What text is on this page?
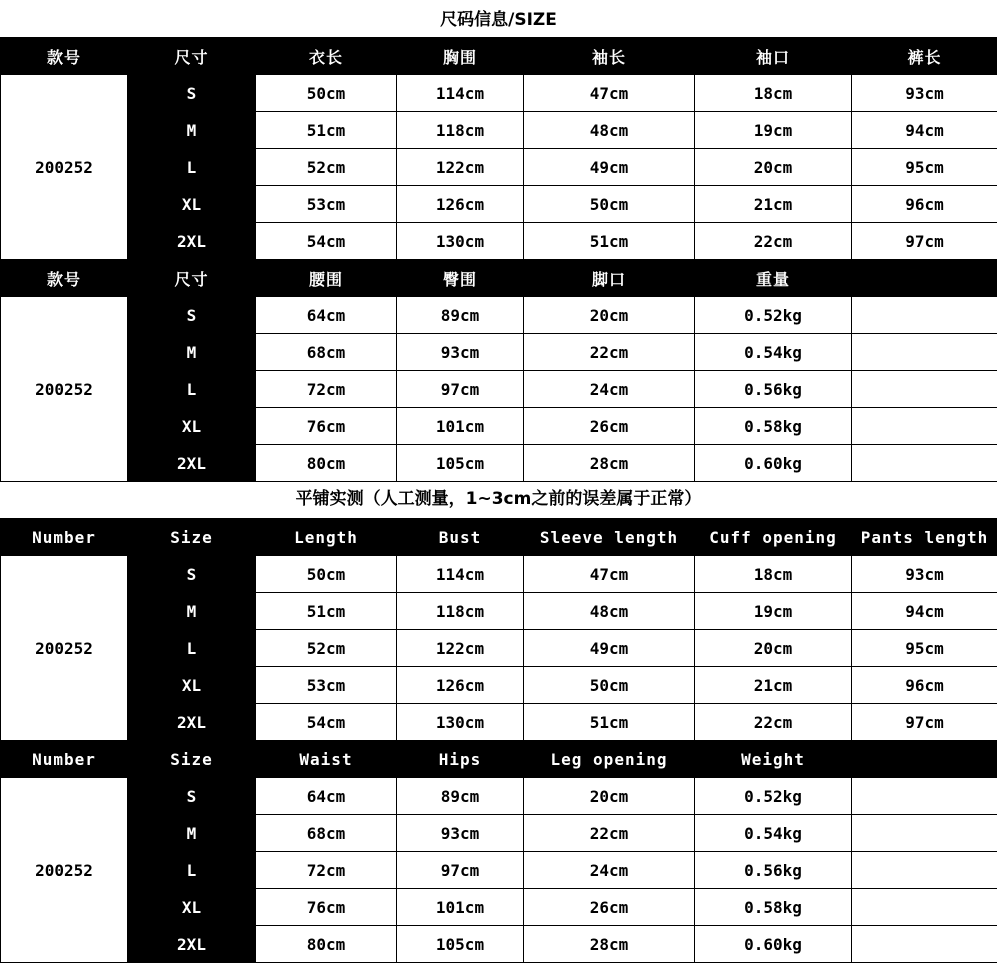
尺码信息/SIZE
款号	尺寸	衣长	胸围	袖长	袖口	裤长
200252	S	50cm	114cm	47cm	18cm	93cm
	M	51cm	118cm	48cm	19cm	94cm
	L	52cm	122cm	49cm	20cm	95cm
	XL	53cm	126cm	50cm	21cm	96cm
	2XL	54cm	130cm	51cm	22cm	97cm
款号	尺寸	腰围	臀围	脚口	重量	
200252	S	64cm	89cm	20cm	0.52kg	
	M	68cm	93cm	22cm	0.54kg	
	L	72cm	97cm	24cm	0.56kg	
	XL	76cm	101cm	26cm	0.58kg	
	2XL	80cm	105cm	28cm	0.60kg	
平铺实测（人工测量，1~3cm之前的误差属于正常）
Number	Size	Length	Bust	Sleeve length	Cuff opening	Pants length
200252	S	50cm	114cm	47cm	18cm	93cm
	M	51cm	118cm	48cm	19cm	94cm
	L	52cm	122cm	49cm	20cm	95cm
	XL	53cm	126cm	50cm	21cm	96cm
	2XL	54cm	130cm	51cm	22cm	97cm
Number	Size	Waist	Hips	Leg opening	Weight	
200252	S	64cm	89cm	20cm	0.52kg	
	M	68cm	93cm	22cm	0.54kg	
	L	72cm	97cm	24cm	0.56kg	
	XL	76cm	101cm	26cm	0.58kg	
	2XL	80cm	105cm	28cm	0.60kg	
